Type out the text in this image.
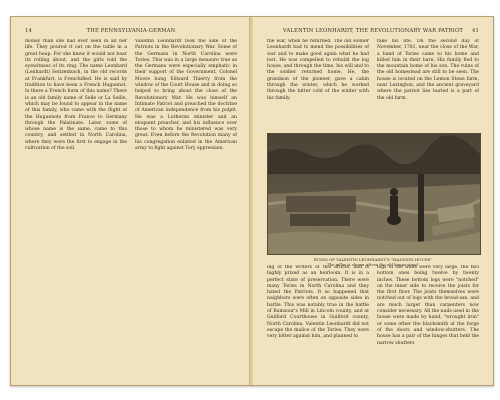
14	THE PENNSYLVANIA-GERMAN

money than she had ever seen in all her life. They poured it out on the table in a great heap. For she knew it would not bear its rolling about, and the girls told the eyewitness of its ring. The name Leonhard (Lenhardt) Seitzenbach, in the old records at Frankfurt, is Frenchified. He is said by tradition to have been a French Huguenot. Is there a French form of this name? There is an old family name of Selle or La Seille, which may be found to appear in the name of this family, who came with the flight of the Huguenots from France to Germany through the Palatinate. Later, some of whose name is the same, came to this country, and settled in North Carolina, where they were the first to engage in the cultivation of the soil.

Valentin Leonhardt took the side of the Patriots in the Revolutionary War. Some of the Germans in North Carolina were Tories. This was in a large measure true as the Germans were especially emphatic in their support of the Government. Colonel Moore hung Edward Thierry from the window of the Court House and in doing so helped to bring about the close of the Revolutionary War. He was himself an Intimate Patriot and preached the doctrine of American independence from his pulpit. He was a Lutheran minister and an eloquent preacher, and his influence over those to whom he ministered was very great. Even before the Revolution many of his congregation enlisted in the American army to fight against Tory oppression.

VALENTIN LEONHARDT, THE REVOLUTIONARY WAR PATRIOT	41

the war, when he returned. The old soldier Leonhardt had to mend the possibilities of war and to make good again what he had lost. He was compelled to rebuild the log house, and through the time, his will and to the soldier returned home. He, the grandson of the pioneer, gave a cabin through the winter, which he worked through the bitter cold of the winter with his family.

take his life. On the second day of November, 1781, near the close of the War, a band of Tories came to his home and killed him in their barn. His family fled to the mountain home of his son. The ruins of the old homestead are still to be seen. The house is located on the Lemon Stone farm, near Lexington, and the ancient graveyard where the patriot lies buried is a part of the old farm.

RUINS OF VALENTIN LEONHARDT'S "MANSION HOUSE"
The pillar is shown where the old house stood.

ing of the writers of this article, and is highly prized as an heirloom. It is in a perfect state of preservation. There were many Tories in North Carolina and they hated the Patriots. It so happened that neighbors were often on opposite sides in battle. This was notably true in the battle of Ramsour's Mill in Lincoln county, and at Guilford Courthouse in Guilford county, North Carolina. Valentin Leonhardt did not escape the malice of the Tories. They were very bitter against him, and planned to

logs of the walls were very large, the two bottom ones being twelve by twenty inches. These bottom logs were "notched" on the inner side to receive the joists for the first floor. The joists themselves were notched out of logs with the broad-axe, and are much larger than carpenters now consider necessary. All the nails used in the house were made by hand, "wrought iron" or some other the blacksmith at the forge of the doors and window-shutters. The house has a pair of the hinges that held the narrow shutters
